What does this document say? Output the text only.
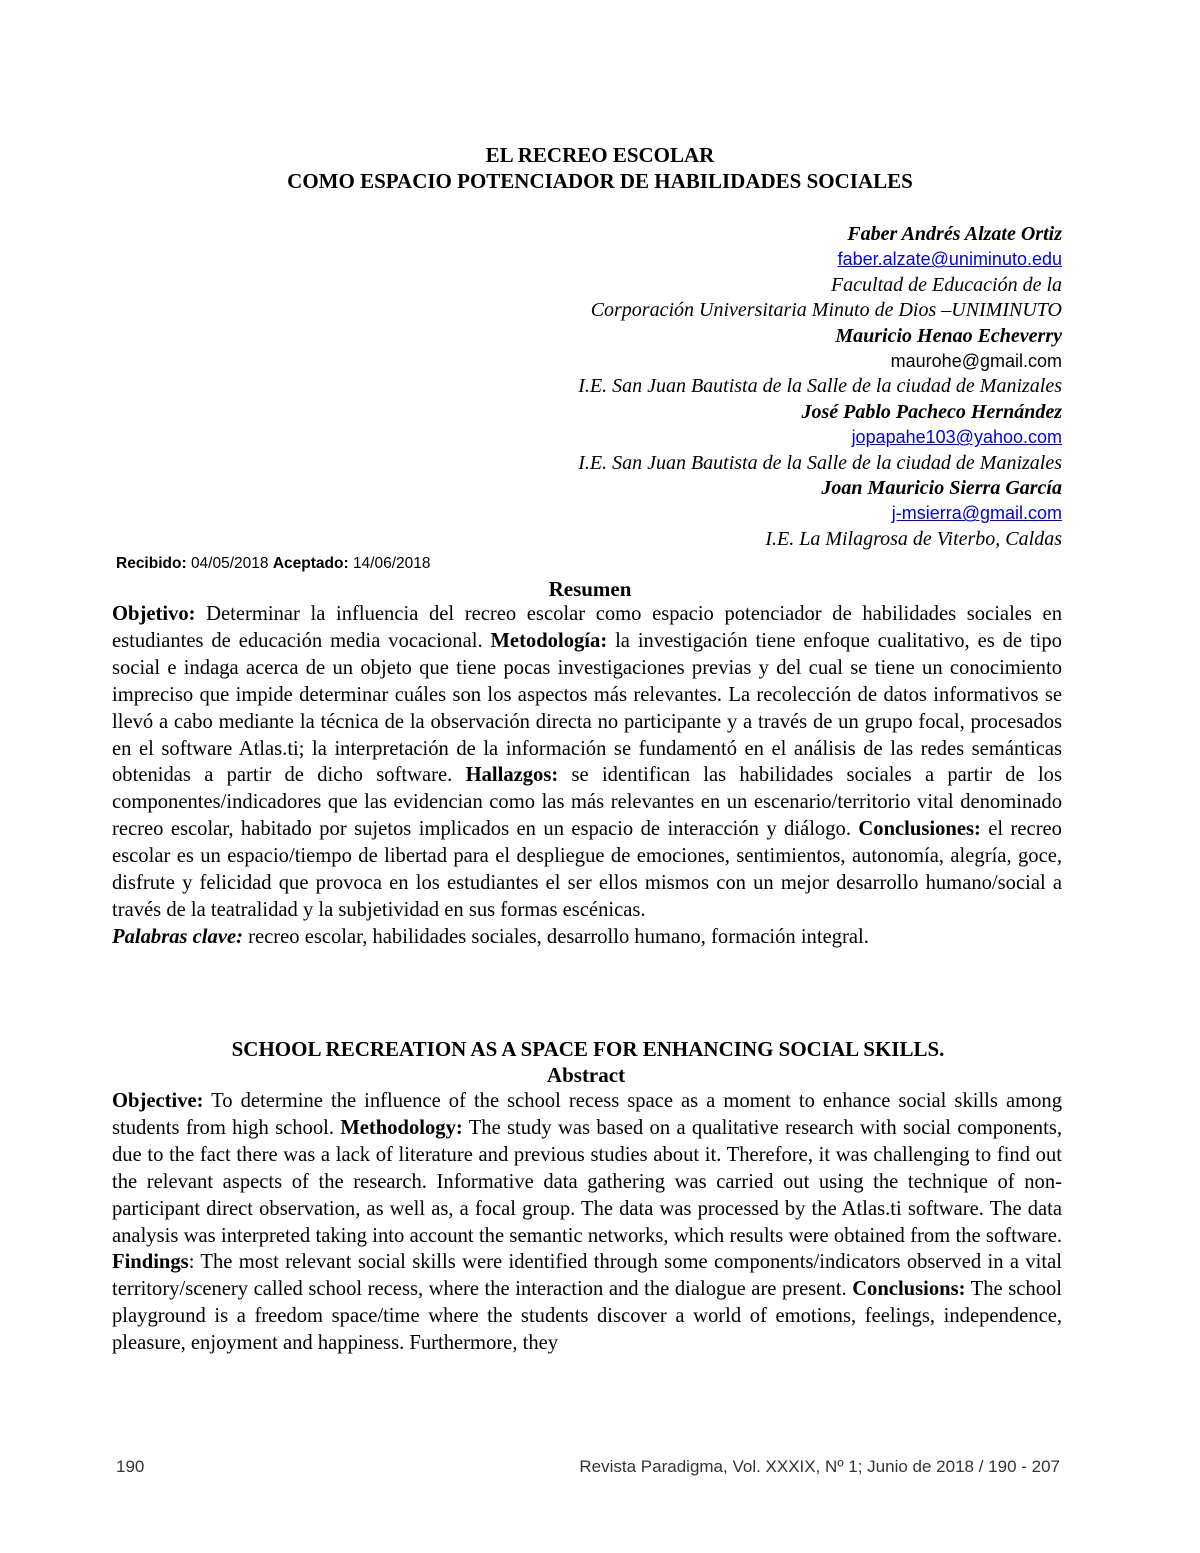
EL RECREO ESCOLAR
COMO ESPACIO POTENCIADOR DE HABILIDADES SOCIALES
Faber Andrés Alzate Ortiz
faber.alzate@uniminuto.edu
Facultad de Educación de la
Corporación Universitaria Minuto de Dios –UNIMINUTO
Mauricio Henao Echeverry
maurohe@gmail.com
I.E. San Juan Bautista de la Salle de la ciudad de Manizales
José Pablo Pacheco Hernández
jopapahe103@yahoo.com
I.E. San Juan Bautista de la Salle de la ciudad de Manizales
Joan Mauricio Sierra García
j-msierra@gmail.com
I.E. La Milagrosa de Viterbo, Caldas
Recibido: 04/05/2018 Aceptado: 14/06/2018
Resumen
Objetivo: Determinar la influencia del recreo escolar como espacio potenciador de habilidades sociales en estudiantes de educación media vocacional. Metodología: la investigación tiene enfoque cualitativo, es de tipo social e indaga acerca de un objeto que tiene pocas investigaciones previas y del cual se tiene un conocimiento impreciso que impide determinar cuáles son los aspectos más relevantes. La recolección de datos informativos se llevó a cabo mediante la técnica de la observación directa no participante y a través de un grupo focal, procesados en el software Atlas.ti; la interpretación de la información se fundamentó en el análisis de las redes semánticas obtenidas a partir de dicho software. Hallazgos: se identifican las habilidades sociales a partir de los componentes/indicadores que las evidencian como las más relevantes en un escenario/territorio vital denominado recreo escolar, habitado por sujetos implicados en un espacio de interacción y diálogo. Conclusiones: el recreo escolar es un espacio/tiempo de libertad para el despliegue de emociones, sentimientos, autonomía, alegría, goce, disfrute y felicidad que provoca en los estudiantes el ser ellos mismos con un mejor desarrollo humano/social a través de la teatralidad y la subjetividad en sus formas escénicas.
Palabras clave: recreo escolar, habilidades sociales, desarrollo humano, formación integral.
SCHOOL RECREATION AS A SPACE FOR ENHANCING SOCIAL SKILLS.
Abstract
Objective: To determine the influence of the school recess space as a moment to enhance social skills among students from high school. Methodology: The study was based on a qualitative research with social components, due to the fact there was a lack of literature and previous studies about it. Therefore, it was challenging to find out the relevant aspects of the research. Informative data gathering was carried out using the technique of non-participant direct observation, as well as, a focal group. The data was processed by the Atlas.ti software. The data analysis was interpreted taking into account the semantic networks, which results were obtained from the software. Findings: The most relevant social skills were identified through some components/indicators observed in a vital territory/scenery called school recess, where the interaction and the dialogue are present. Conclusions: The school playground is a freedom space/time where the students discover a world of emotions, feelings, independence, pleasure, enjoyment and happiness. Furthermore, they
190	Revista Paradigma, Vol. XXXIX, Nº 1; Junio de 2018 / 190 - 207
